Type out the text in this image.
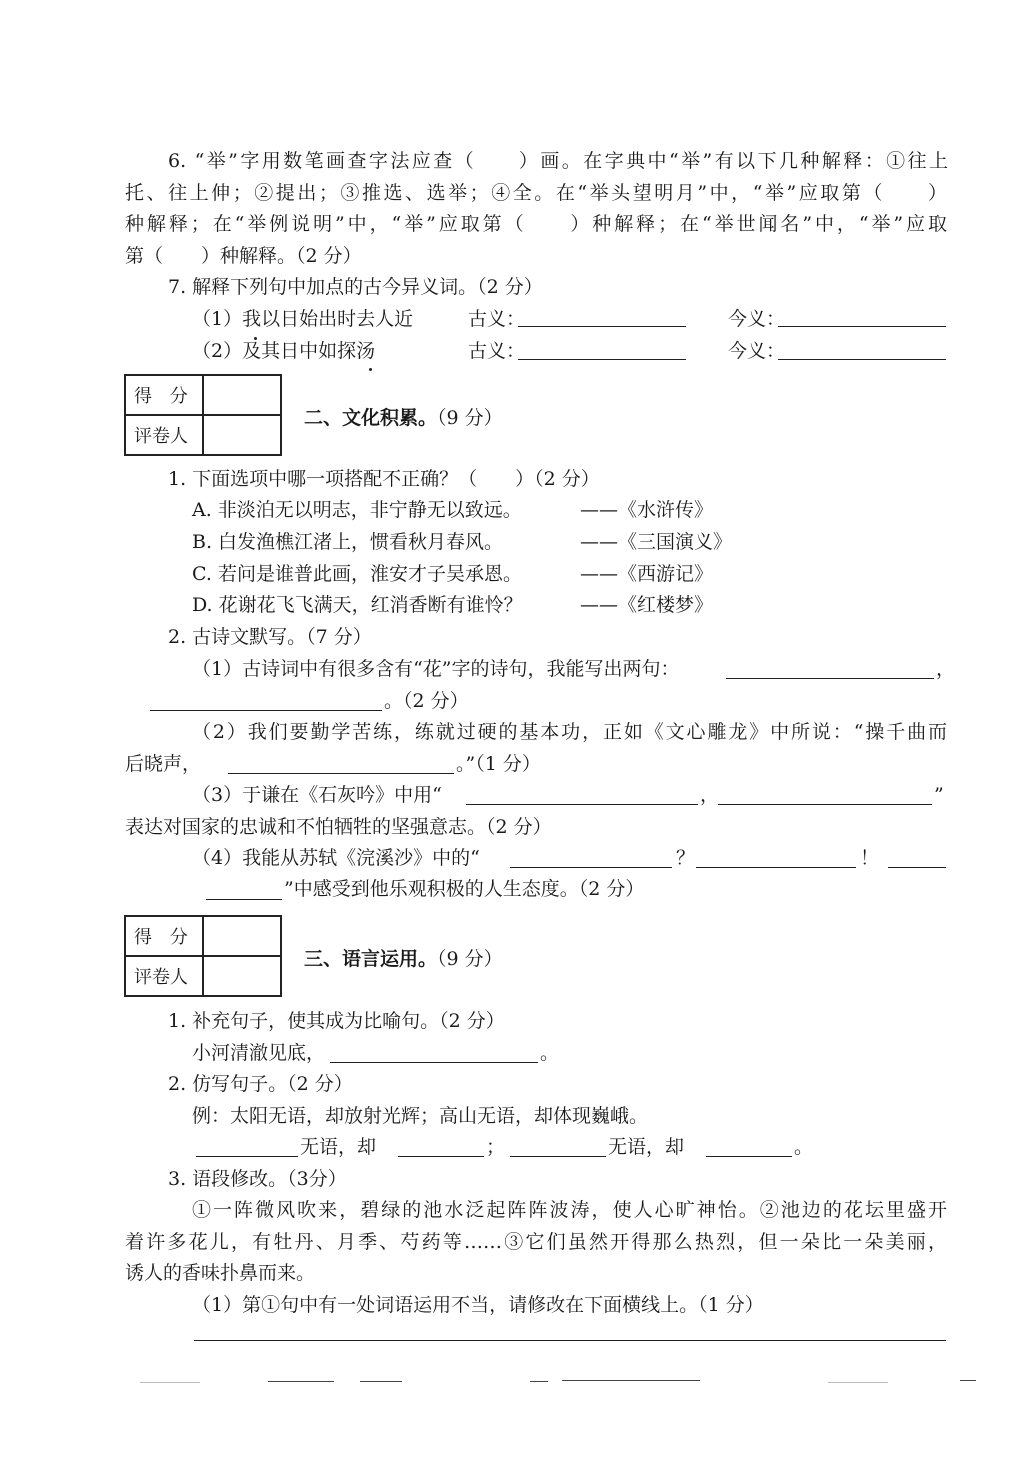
6. “举”字用数笔画查字法应查（　　）画。在字典中“举”有以下几种解释：①往上
托、往上伸；②提出；③推选、选举；④全。在“举头望明月”中，“举”应取第（　　）
种解释；在“举例说明”中，“举”应取第（　　）种解释；在“举世闻名”中，“举”应取
第（　　）种解释。（2 分）
7. 解释下列句中加点的古今异义词。（2 分）
（1）我以日始出时去人近	古义：	今义：
（2）及其日中如探汤	古义：	今义：
得 分
评卷人
二、文化积累。（9 分）
1. 下面选项中哪一项搭配不正确？（　　）（2 分）
A. 非淡泊无以明志，非宁静无以致远。	——《水浒传》
B. 白发渔樵江渚上，惯看秋月春风。	——《三国演义》
C. 若问是谁普此画，淮安才子吴承恩。	——《西游记》
D. 花谢花飞飞满天，红消香断有谁怜？	——《红楼梦》
2. 古诗文默写。（7 分）
（1）古诗词中有很多含有“花”字的诗句，我能写出两句：	，
。（2 分）
（2）我们要勤学苦练，练就过硬的基本功，正如《文心雕龙》中所说：“操千曲而
后晓声，	。”（1 分）
（3）于谦在《石灰吟》中用“	，	”
表达对国家的忠诚和不怕牺牲的坚强意志。（2 分）
（4）我能从苏轼《浣溪沙》中的“	？	！
”中感受到他乐观积极的人生态度。（2 分）
得 分
评卷人
三、语言运用。（9 分）
1. 补充句子，使其成为比喻句。（2 分）
小河清澈见底，	。
2. 仿写句子。（2 分）
例：太阳无语，却放射光辉；高山无语，却体现巍峨。
无语，却	；	无语，却	。
3. 语段修改。（3分）
①一阵微风吹来，碧绿的池水泛起阵阵波涛，使人心旷神怡。②池边的花坛里盛开
着许多花儿，有牡丹、月季、芍药等……③它们虽然开得那么热烈，但一朵比一朵美丽，
诱人的香味扑鼻而来。
（1）第①句中有一处词语运用不当，请修改在下面横线上。（1 分）
